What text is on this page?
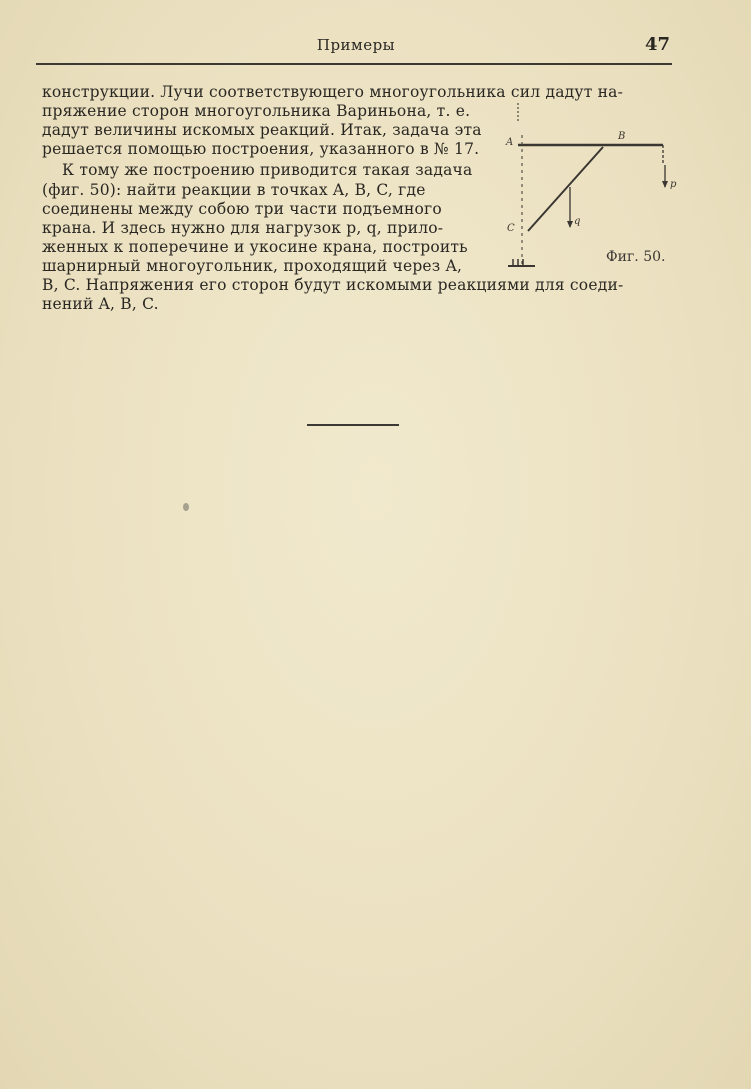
Примеры	47
конструкции. Лучи соответствующего многоугольника сил дадут на-
пряжение сторон многоугольника Вариньона, т. е.
дадут величины искомых реакций. Итак, задача эта
решается помощью построения, указанного в № 17.
К тому же построению приводится такая задача
(фиг. 50): найти реакции в точках A, B, C, где
соединены между собою три части подъемного
крана. И здесь нужно для нагрузок p, q, прило-
женных к поперечине и укосине крана, построить
шарнирный многоугольник, проходящий через A,
B, C. Напряжения его сторон будут искомыми реакциями для соеди-
нений A, B, C.
A
B
C
p
q
Фиг. 50.
